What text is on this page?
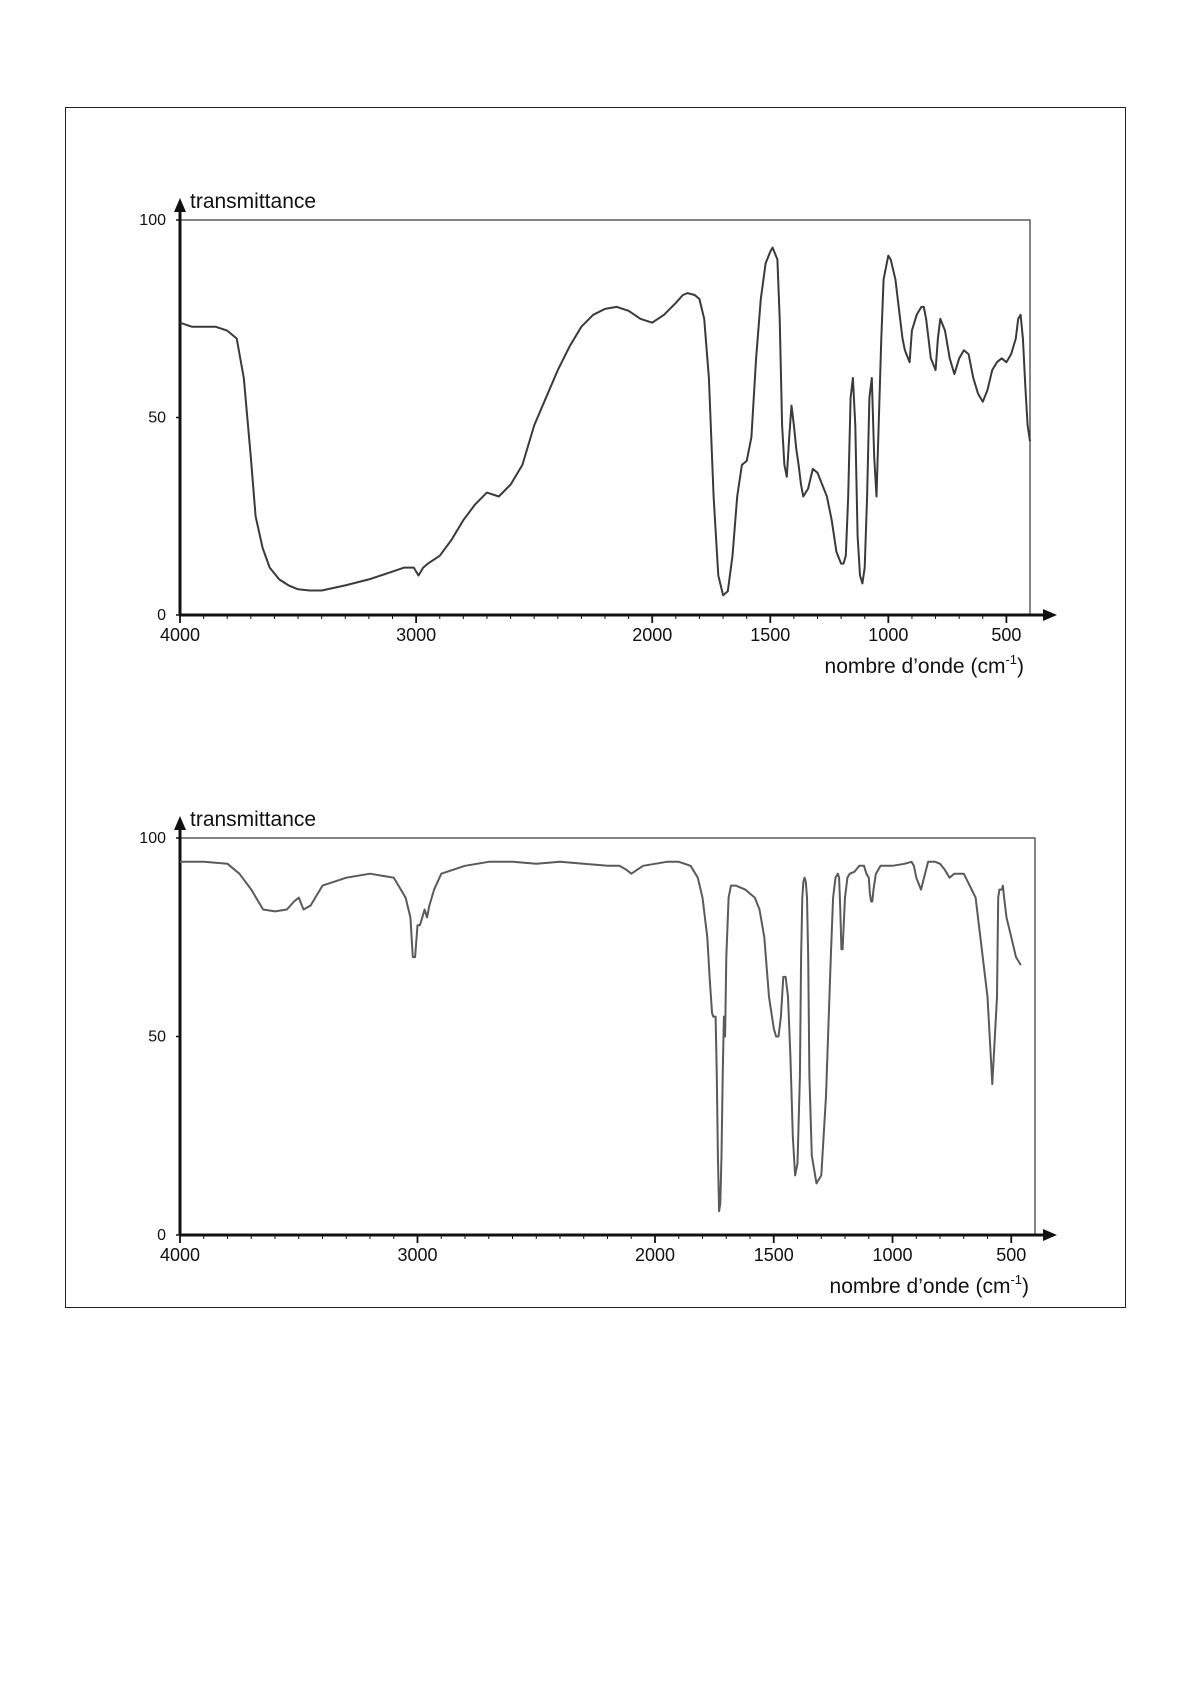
transmittance
100
50
0
4000	3000	2000	1500	1000	500
nombre d’onde $(cm^{-1})$
transmittance
100
50
0
4000	3000	2000	1500	1000	500
nombre d’onde $(cm^{-1})$
